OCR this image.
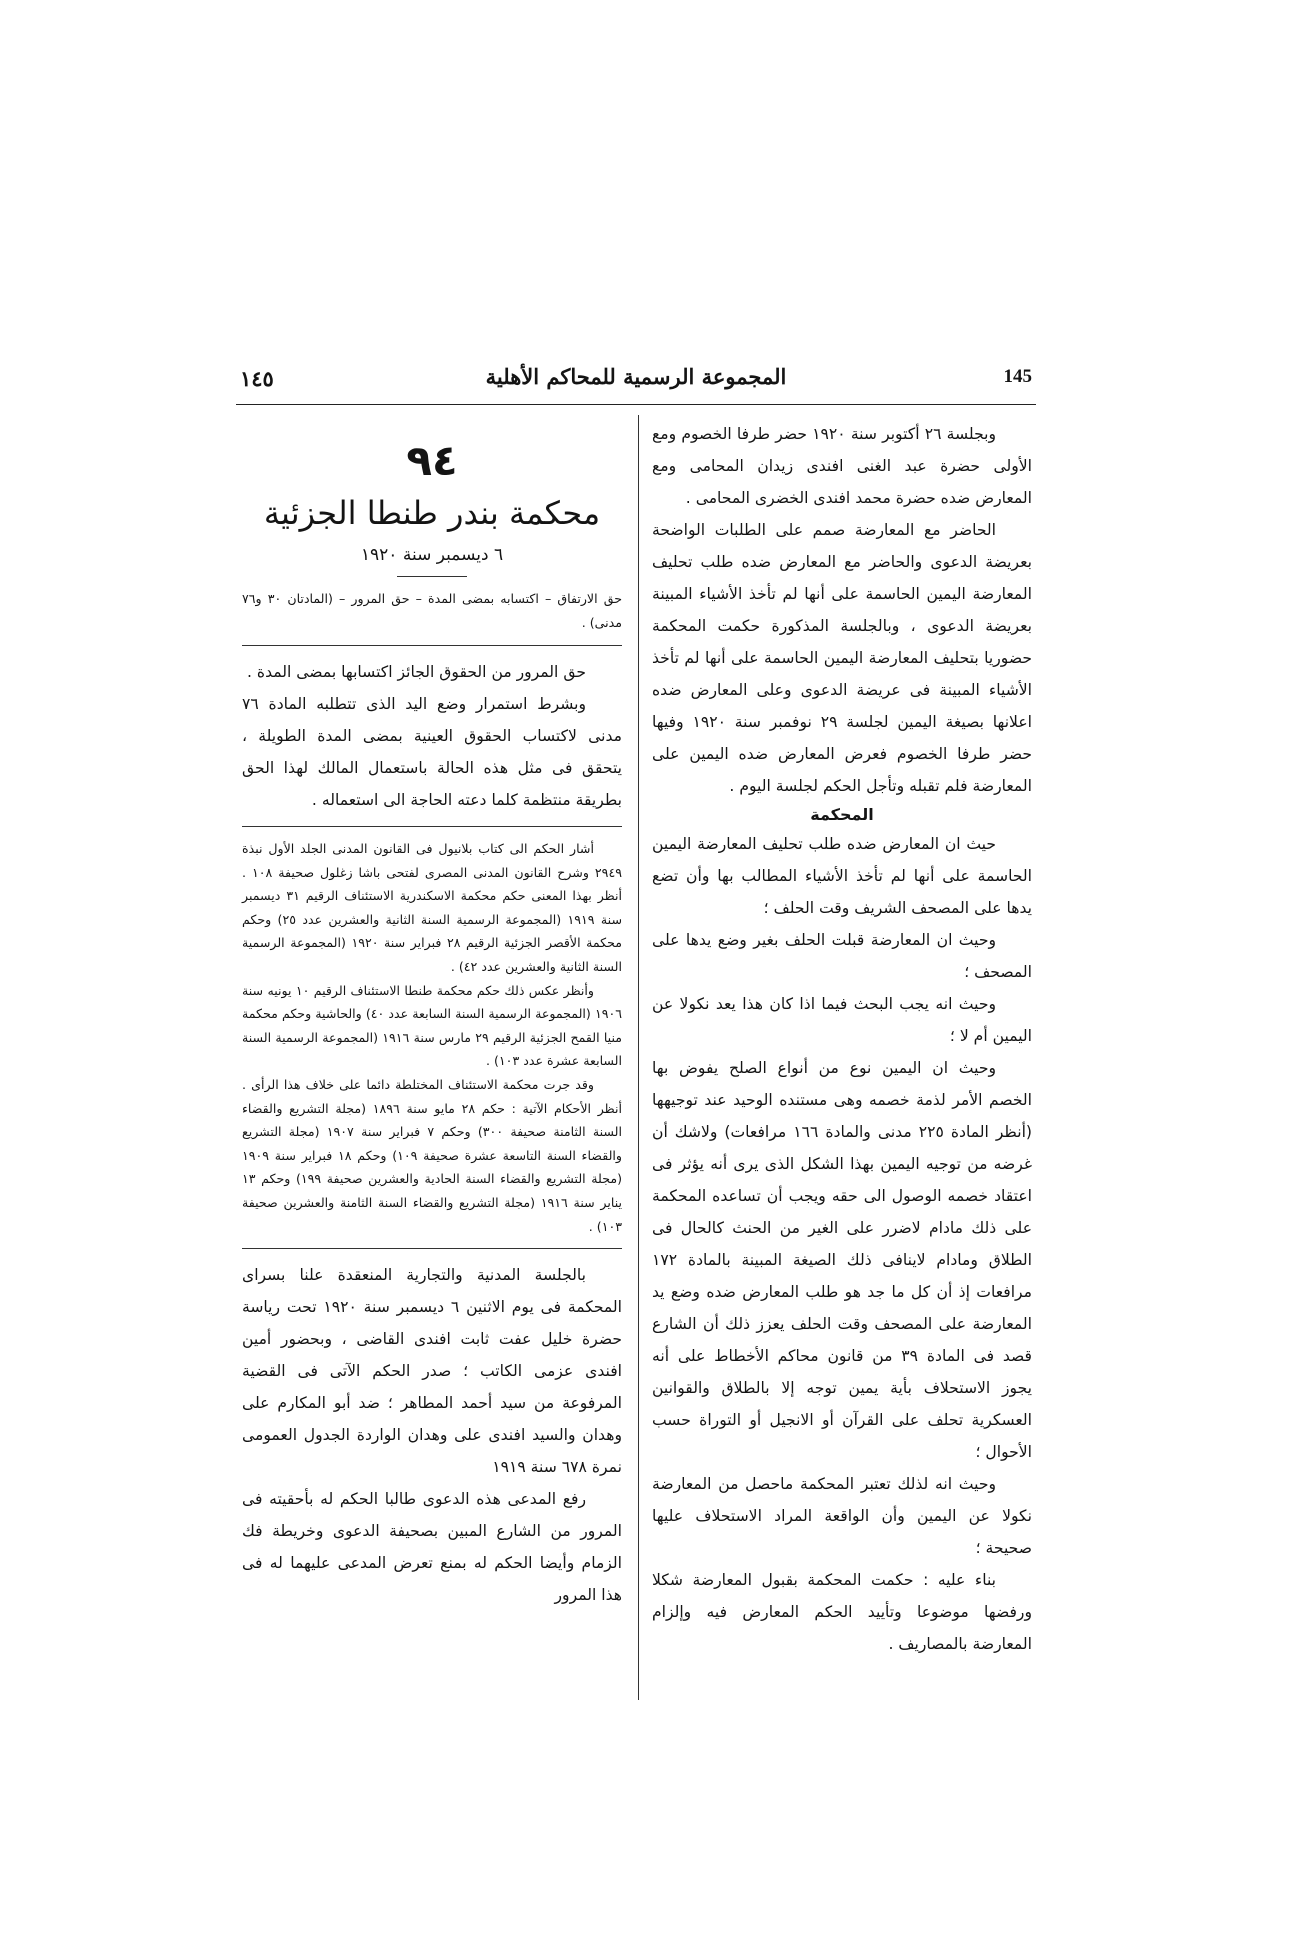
١٤٥	المجموعة الرسمية للمحاكم الأهلية	145

وبجلسة ٢٦ أكتوبر سنة ١٩٢٠ حضر طرفا الخصوم ومع الأولى حضرة عبد الغنى افندى زيدان المحامى ومع المعارض ضده حضرة محمد افندى الخضرى المحامى .

الحاضر مع المعارضة صمم على الطلبات الواضحة بعريضة الدعوى والحاضر مع المعارض ضده طلب تحليف المعارضة اليمين الحاسمة على أنها لم تأخذ الأشياء المبينة بعريضة الدعوى ، وبالجلسة المذكورة حكمت المحكمة حضوريا بتحليف المعارضة اليمين الحاسمة على أنها لم تأخذ الأشياء المبينة فى عريضة الدعوى وعلى المعارض ضده اعلانها بصيغة اليمين لجلسة ٢٩ نوفمبر سنة ١٩٢٠ وفيها حضر طرفا الخصوم فعرض المعارض ضده اليمين على المعارضة فلم تقبله وتأجل الحكم لجلسة اليوم .

المحكمة

حيث ان المعارض ضده طلب تحليف المعارضة اليمين الحاسمة على أنها لم تأخذ الأشياء المطالب بها وأن تضع يدها على المصحف الشريف وقت الحلف ؛

وحيث ان المعارضة قبلت الحلف بغير وضع يدها على المصحف ؛

وحيث انه يجب البحث فيما اذا كان هذا يعد نكولا عن اليمين أم لا ؛

وحيث ان اليمين نوع من أنواع الصلح يفوض بها الخصم الأمر لذمة خصمه وهى مستنده الوحيد عند توجيهها (أنظر المادة ٢٢٥ مدنى والمادة ١٦٦ مرافعات) ولاشك أن غرضه من توجيه اليمين بهذا الشكل الذى يرى أنه يؤثر فى اعتقاد خصمه الوصول الى حقه ويجب أن تساعده المحكمة على ذلك مادام لاضرر على الغير من الحنث كالحال فى الطلاق ومادام لاينافى ذلك الصيغة المبينة بالمادة ١٧٢ مرافعات إذ أن كل ما جد هو طلب المعارض ضده وضع يد المعارضة على المصحف وقت الحلف يعزز ذلك أن الشارع قصد فى المادة ٣٩ من قانون محاكم الأخطاط على أنه يجوز الاستحلاف بأية يمين توجه إلا بالطلاق والقوانين العسكرية تحلف على القرآن أو الانجيل أو التوراة حسب الأحوال ؛

وحيث انه لذلك تعتبر المحكمة ماحصل من المعارضة نكولا عن اليمين وأن الواقعة المراد الاستحلاف عليها صحيحة ؛

بناء عليه : حكمت المحكمة بقبول المعارضة شكلا ورفضها موضوعا وتأييد الحكم المعارض فيه وإلزام المعارضة بالمصاريف .

٩٤

محكمة بندر طنطا الجزئية

٦ ديسمبر سنة ١٩٢٠

حق الارتفاق – اكتسابه بمضى المدة – حق المرور – (المادتان ٣٠ و٧٦ مدنى) .

حق المرور من الحقوق الجائز اكتسابها بمضى المدة .

وبشرط استمرار وضع اليد الذى تتطلبه المادة ٧٦ مدنى لاكتساب الحقوق العينية بمضى المدة الطويلة ، يتحقق فى مثل هذه الحالة باستعمال المالك لهذا الحق بطريقة منتظمة كلما دعته الحاجة الى استعماله .

أشار الحكم الى كتاب بلانيول فى القانون المدنى الجلد الأول نبذة ٢٩٤٩ وشرح القانون المدنى المصرى لفتحى باشا زغلول صحيفة ١٠٨ . أنظر بهذا المعنى حكم محكمة الاسكندرية الاستئناف الرقيم ٣١ ديسمبر سنة ١٩١٩ (المجموعة الرسمية السنة الثانية والعشرين عدد ٢٥) وحكم محكمة الأقصر الجزئية الرقيم ٢٨ فبراير سنة ١٩٢٠ (المجموعة الرسمية السنة الثانية والعشرين عدد ٤٢) .

وأنظر عكس ذلك حكم محكمة طنطا الاستئناف الرقيم ١٠ يونيه سنة ١٩٠٦ (المجموعة الرسمية السنة السابعة عدد ٤٠) والحاشية وحكم محكمة منيا القمح الجزئية الرقيم ٢٩ مارس سنة ١٩١٦ (المجموعة الرسمية السنة السابعة عشرة عدد ١٠٣) .

وقد جرت محكمة الاستئناف المختلطة دائما على خلاف هذا الرأى . أنظر الأحكام الآتية : حكم ٢٨ مايو سنة ١٨٩٦ (مجلة التشريع والقضاء السنة الثامنة صحيفة ٣٠٠) وحكم ٧ فبراير سنة ١٩٠٧ (مجلة التشريع والقضاء السنة التاسعة عشرة صحيفة ١٠٩) وحكم ١٨ فبراير سنة ١٩٠٩ (مجلة التشريع والقضاء السنة الحادية والعشرين صحيفة ١٩٩) وحكم ١٣ يناير سنة ١٩١٦ (مجلة التشريع والقضاء السنة الثامنة والعشرين صحيفة ١٠٣) .

بالجلسة المدنية والتجارية المنعقدة علنا بسراى المحكمة فى يوم الاثنين ٦ ديسمبر سنة ١٩٢٠ تحت رياسة حضرة خليل عفت ثابت افندى القاضى ، وبحضور أمين افندى عزمى الكاتب ؛ صدر الحكم الآتى فى القضية المرفوعة من سيد أحمد المطاهر ؛ ضد أبو المكارم على وهدان والسيد افندى على وهدان الواردة الجدول العمومى نمرة ٦٧٨ سنة ١٩١٩

رفع المدعى هذه الدعوى طالبا الحكم له بأحقيته فى المرور من الشارع المبين بصحيفة الدعوى وخريطة فك الزمام وأيضا الحكم له بمنع تعرض المدعى عليهما له فى هذا المرور
